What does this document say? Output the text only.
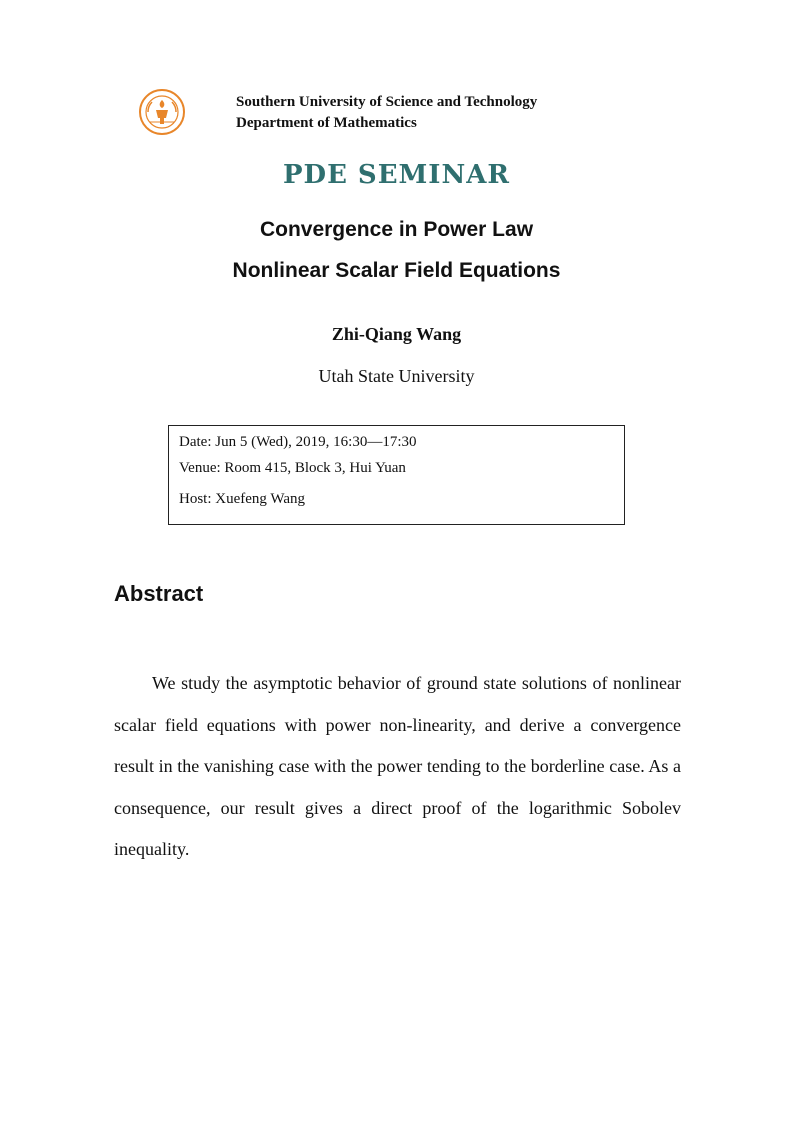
Southern University of Science and Technology
Department of Mathematics
PDE SEMINAR
Convergence in Power Law
Nonlinear Scalar Field Equations
Zhi-Qiang Wang
Utah State University
Date: Jun 5 (Wed), 2019, 16:30—17:30
Venue: Room 415, Block 3, Hui Yuan
Host: Xuefeng Wang
Abstract
We study the asymptotic behavior of ground state solutions of nonlinear scalar field equations with power non-linearity, and derive a convergence result in the vanishing case with the power tending to the borderline case. As a consequence, our result gives a direct proof of the logarithmic Sobolev inequality.
